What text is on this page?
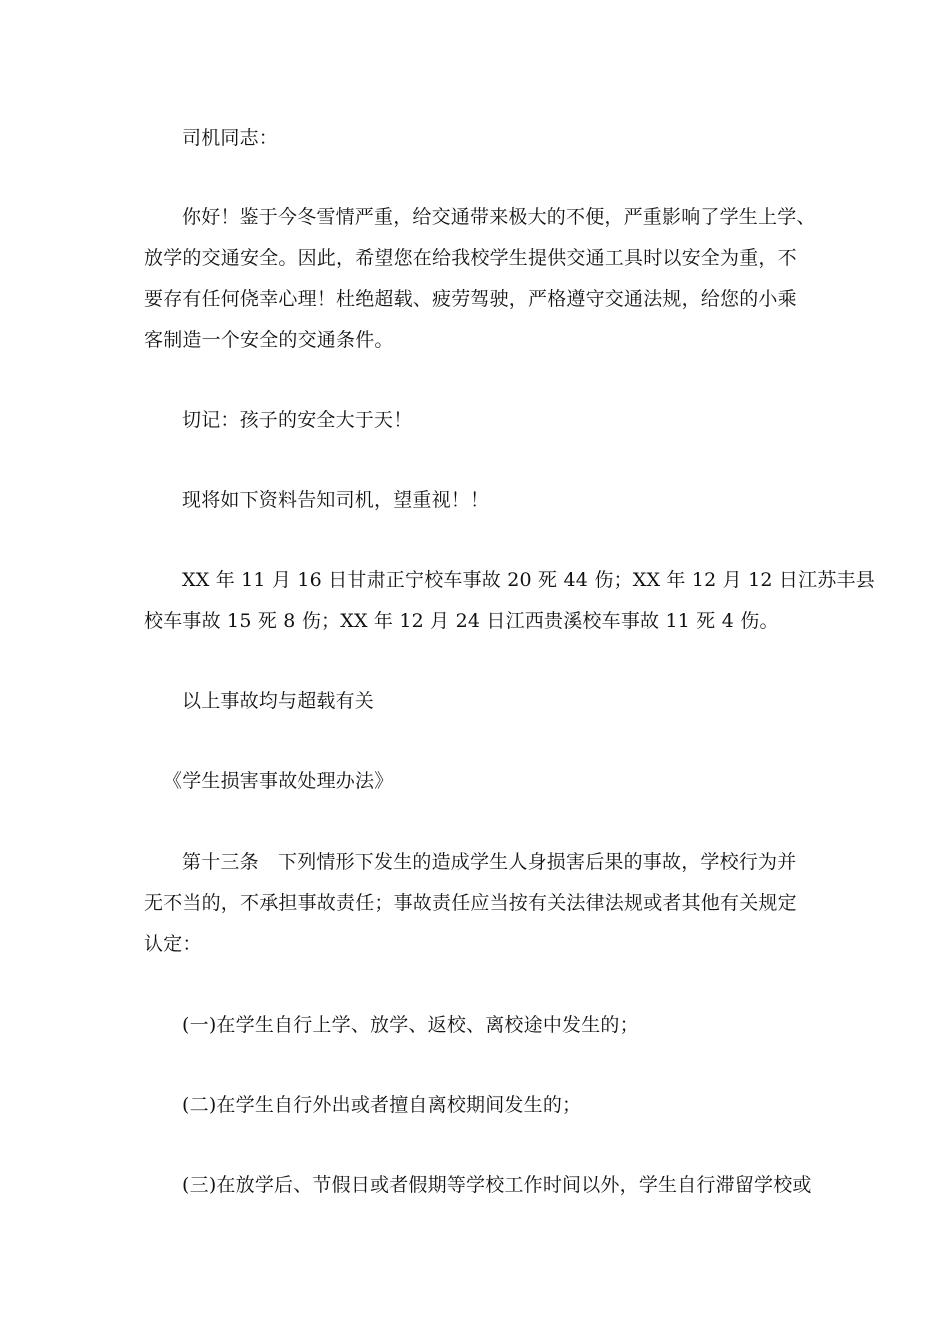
司机同志：

你好！鉴于今冬雪情严重，给交通带来极大的不便，严重影响了学生上学、

放学的交通安全。因此，希望您在给我校学生提供交通工具时以安全为重，不
要存有任何侥幸心理！杜绝超载、疲劳驾驶，严格遵守交通法规，给您的小乘
客制造一个安全的交通条件。

切记：孩子的安全大于天！

现将如下资料告知司机，望重视！！

XX 年 11 月 16 日甘肃正宁校车事故 20 死 44 伤；XX 年 12 月 12 日江苏丰县

校车事故 15 死 8 伤；XX 年 12 月 24 日江西贵溪校车事故 11 死 4 伤。

以上事故均与超载有关

《学生损害事故处理办法》

第十三条　下列情形下发生的造成学生人身损害后果的事故，学校行为并

无不当的，不承担事故责任；事故责任应当按有关法律法规或者其他有关规定
认定：

(一)在学生自行上学、放学、返校、离校途中发生的；

(二)在学生自行外出或者擅自离校期间发生的；

(三)在放学后、节假日或者假期等学校工作时间以外，学生自行滞留学校或
